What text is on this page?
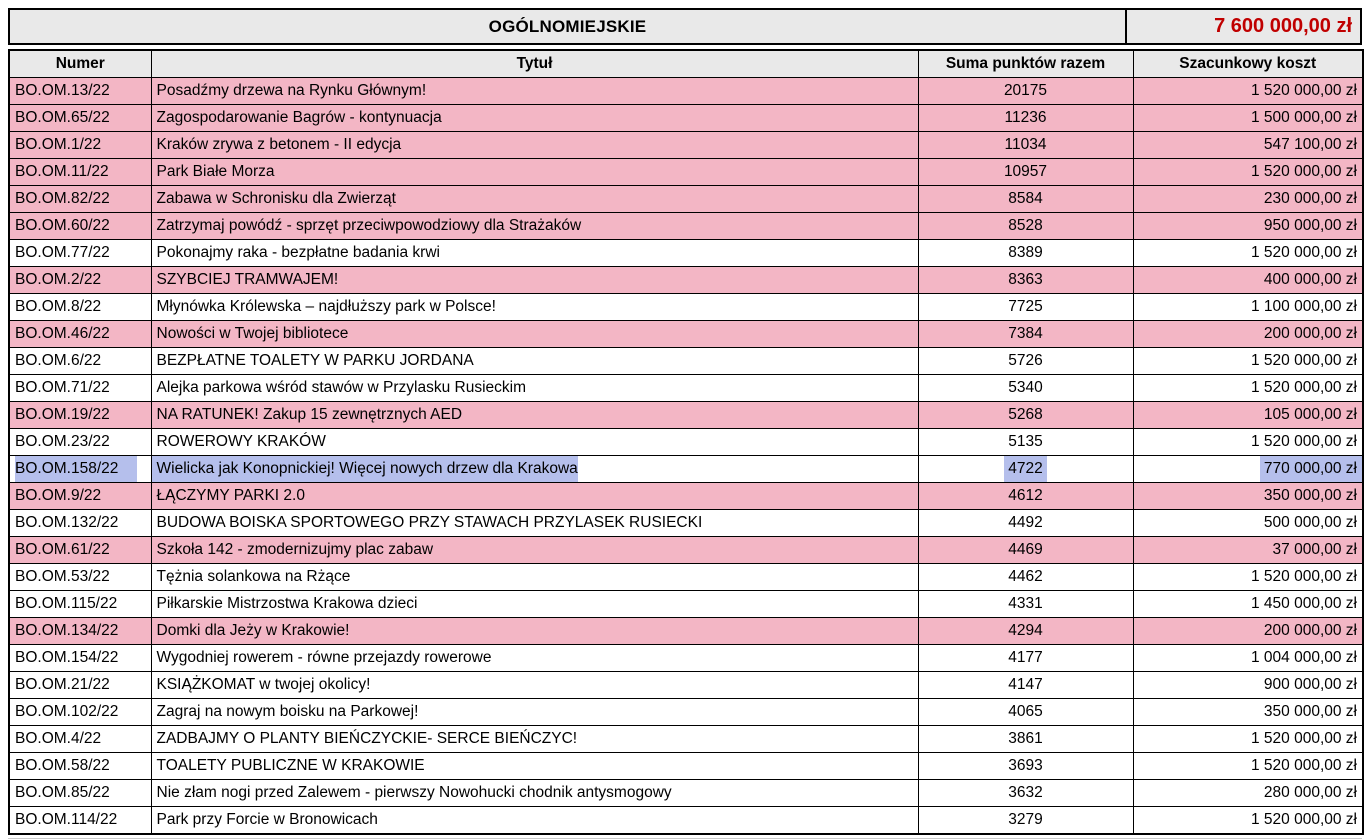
OGÓLNOMIEJSKIE	7 600 000,00 zł
Numer	Tytuł	Suma punktów razem	Szacunkowy koszt
BO.OM.13/22	Posadźmy drzewa na Rynku Głównym!	20175	1 520 000,00 zł
BO.OM.65/22	Zagospodarowanie Bagrów - kontynuacja	11236	1 500 000,00 zł
BO.OM.1/22	Kraków zrywa z betonem - II edycja	11034	547 100,00 zł
BO.OM.11/22	Park Białe Morza	10957	1 520 000,00 zł
BO.OM.82/22	Zabawa w Schronisku dla Zwierząt	8584	230 000,00 zł
BO.OM.60/22	Zatrzymaj powódź - sprzęt przeciwpowodziowy dla Strażaków	8528	950 000,00 zł
BO.OM.77/22	Pokonajmy raka - bezpłatne badania krwi	8389	1 520 000,00 zł
BO.OM.2/22	SZYBCIEJ TRAMWAJEM!	8363	400 000,00 zł
BO.OM.8/22	Młynówka Królewska – najdłuższy park w Polsce!	7725	1 100 000,00 zł
BO.OM.46/22	Nowości w Twojej bibliotece	7384	200 000,00 zł
BO.OM.6/22	BEZPŁATNE TOALETY W PARKU JORDANA	5726	1 520 000,00 zł
BO.OM.71/22	Alejka parkowa wśród stawów w Przylasku Rusieckim	5340	1 520 000,00 zł
BO.OM.19/22	NA RATUNEK! Zakup 15 zewnętrznych AED	5268	105 000,00 zł
BO.OM.23/22	ROWEROWY KRAKÓW	5135	1 520 000,00 zł
BO.OM.158/22	Wielicka jak Konopnickiej! Więcej nowych drzew dla Krakowa	4722	770 000,00 zł
BO.OM.9/22	ŁĄCZYMY PARKI 2.0	4612	350 000,00 zł
BO.OM.132/22	BUDOWA BOISKA SPORTOWEGO PRZY STAWACH PRZYLASEK RUSIECKI	4492	500 000,00 zł
BO.OM.61/22	Szkoła 142 - zmodernizujmy plac zabaw	4469	37 000,00 zł
BO.OM.53/22	Tężnia solankowa na Rżące	4462	1 520 000,00 zł
BO.OM.115/22	Piłkarskie Mistrzostwa Krakowa dzieci	4331	1 450 000,00 zł
BO.OM.134/22	Domki dla Jeży w Krakowie!	4294	200 000,00 zł
BO.OM.154/22	Wygodniej rowerem - równe przejazdy rowerowe	4177	1 004 000,00 zł
BO.OM.21/22	KSIĄŻKOMAT w twojej okolicy!	4147	900 000,00 zł
BO.OM.102/22	Zagraj na nowym boisku na Parkowej!	4065	350 000,00 zł
BO.OM.4/22	ZADBAJMY O PLANTY BIEŃCZYCKIE- SERCE BIEŃCZYC!	3861	1 520 000,00 zł
BO.OM.58/22	TOALETY PUBLICZNE W KRAKOWIE	3693	1 520 000,00 zł
BO.OM.85/22	Nie złam nogi przed Zalewem - pierwszy Nowohucki chodnik antysmogowy	3632	280 000,00 zł
BO.OM.114/22	Park przy Forcie w Bronowicach	3279	1 520 000,00 zł
